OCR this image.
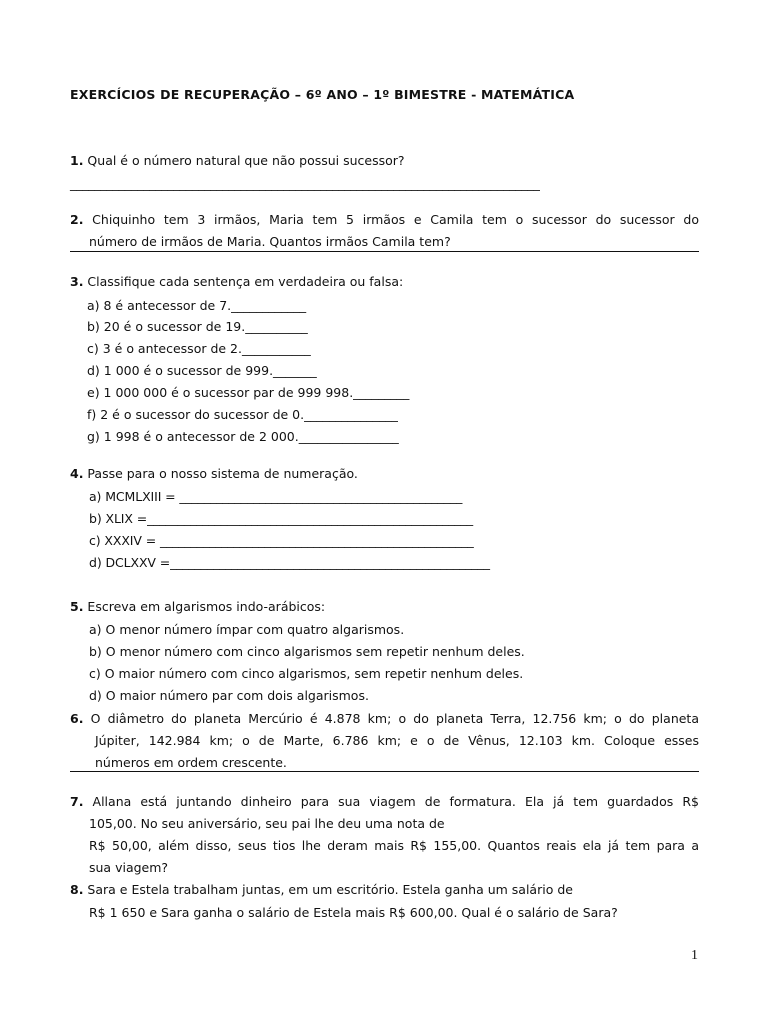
EXERCÍCIOS DE RECUPERAÇÃO – 6º ANO – 1º BIMESTRE - MATEMÁTICA
1. Qual é o número natural que não possui sucessor?
_____________________________________________________________________________
2. Chiquinho tem 3 irmãos, Maria tem 5 irmãos e Camila tem o sucessor do sucessor do
número de irmãos de Maria. Quantos irmãos Camila tem?
3. Classifique cada sentença em verdadeira ou falsa:
a) 8 é antecessor de 7.____________
b) 20 é o sucessor de 19.__________
c) 3 é o antecessor de 2.___________
d) 1 000 é o sucessor de 999._______
e) 1 000 000 é o sucessor par de 999 998._________
f) 2 é o sucessor do sucessor de 0._______________
g) 1 998 é o antecessor de 2 000.________________
4. Passe para o nosso sistema de numeração.
a) MCMLXIII = ______________________________________________
b) XLIX =_____________________________________________________
c) XXXIV = ___________________________________________________
d) DCLXXV =____________________________________________________
5. Escreva em algarismos indo-arábicos:
a) O menor número ímpar com quatro algarismos.
b) O menor número com cinco algarismos sem repetir nenhum deles.
c) O maior número com cinco algarismos, sem repetir nenhum deles.
d) O maior número par com dois algarismos.
6. O diâmetro do planeta Mercúrio é 4.878 km; o do planeta Terra, 12.756 km; o do planeta
Júpiter, 142.984 km; o de Marte, 6.786 km; e o de Vênus, 12.103 km. Coloque esses
números em ordem crescente.
7. Allana está juntando dinheiro para sua viagem de formatura. Ela já tem guardados R$
105,00. No seu aniversário, seu pai lhe deu uma nota de
R$ 50,00, além disso, seus tios lhe deram mais R$ 155,00. Quantos reais ela já tem para a
sua viagem?
8. Sara e Estela trabalham juntas, em um escritório. Estela ganha um salário de
R$ 1 650 e Sara ganha o salário de Estela mais R$ 600,00. Qual é o salário de Sara?
1
